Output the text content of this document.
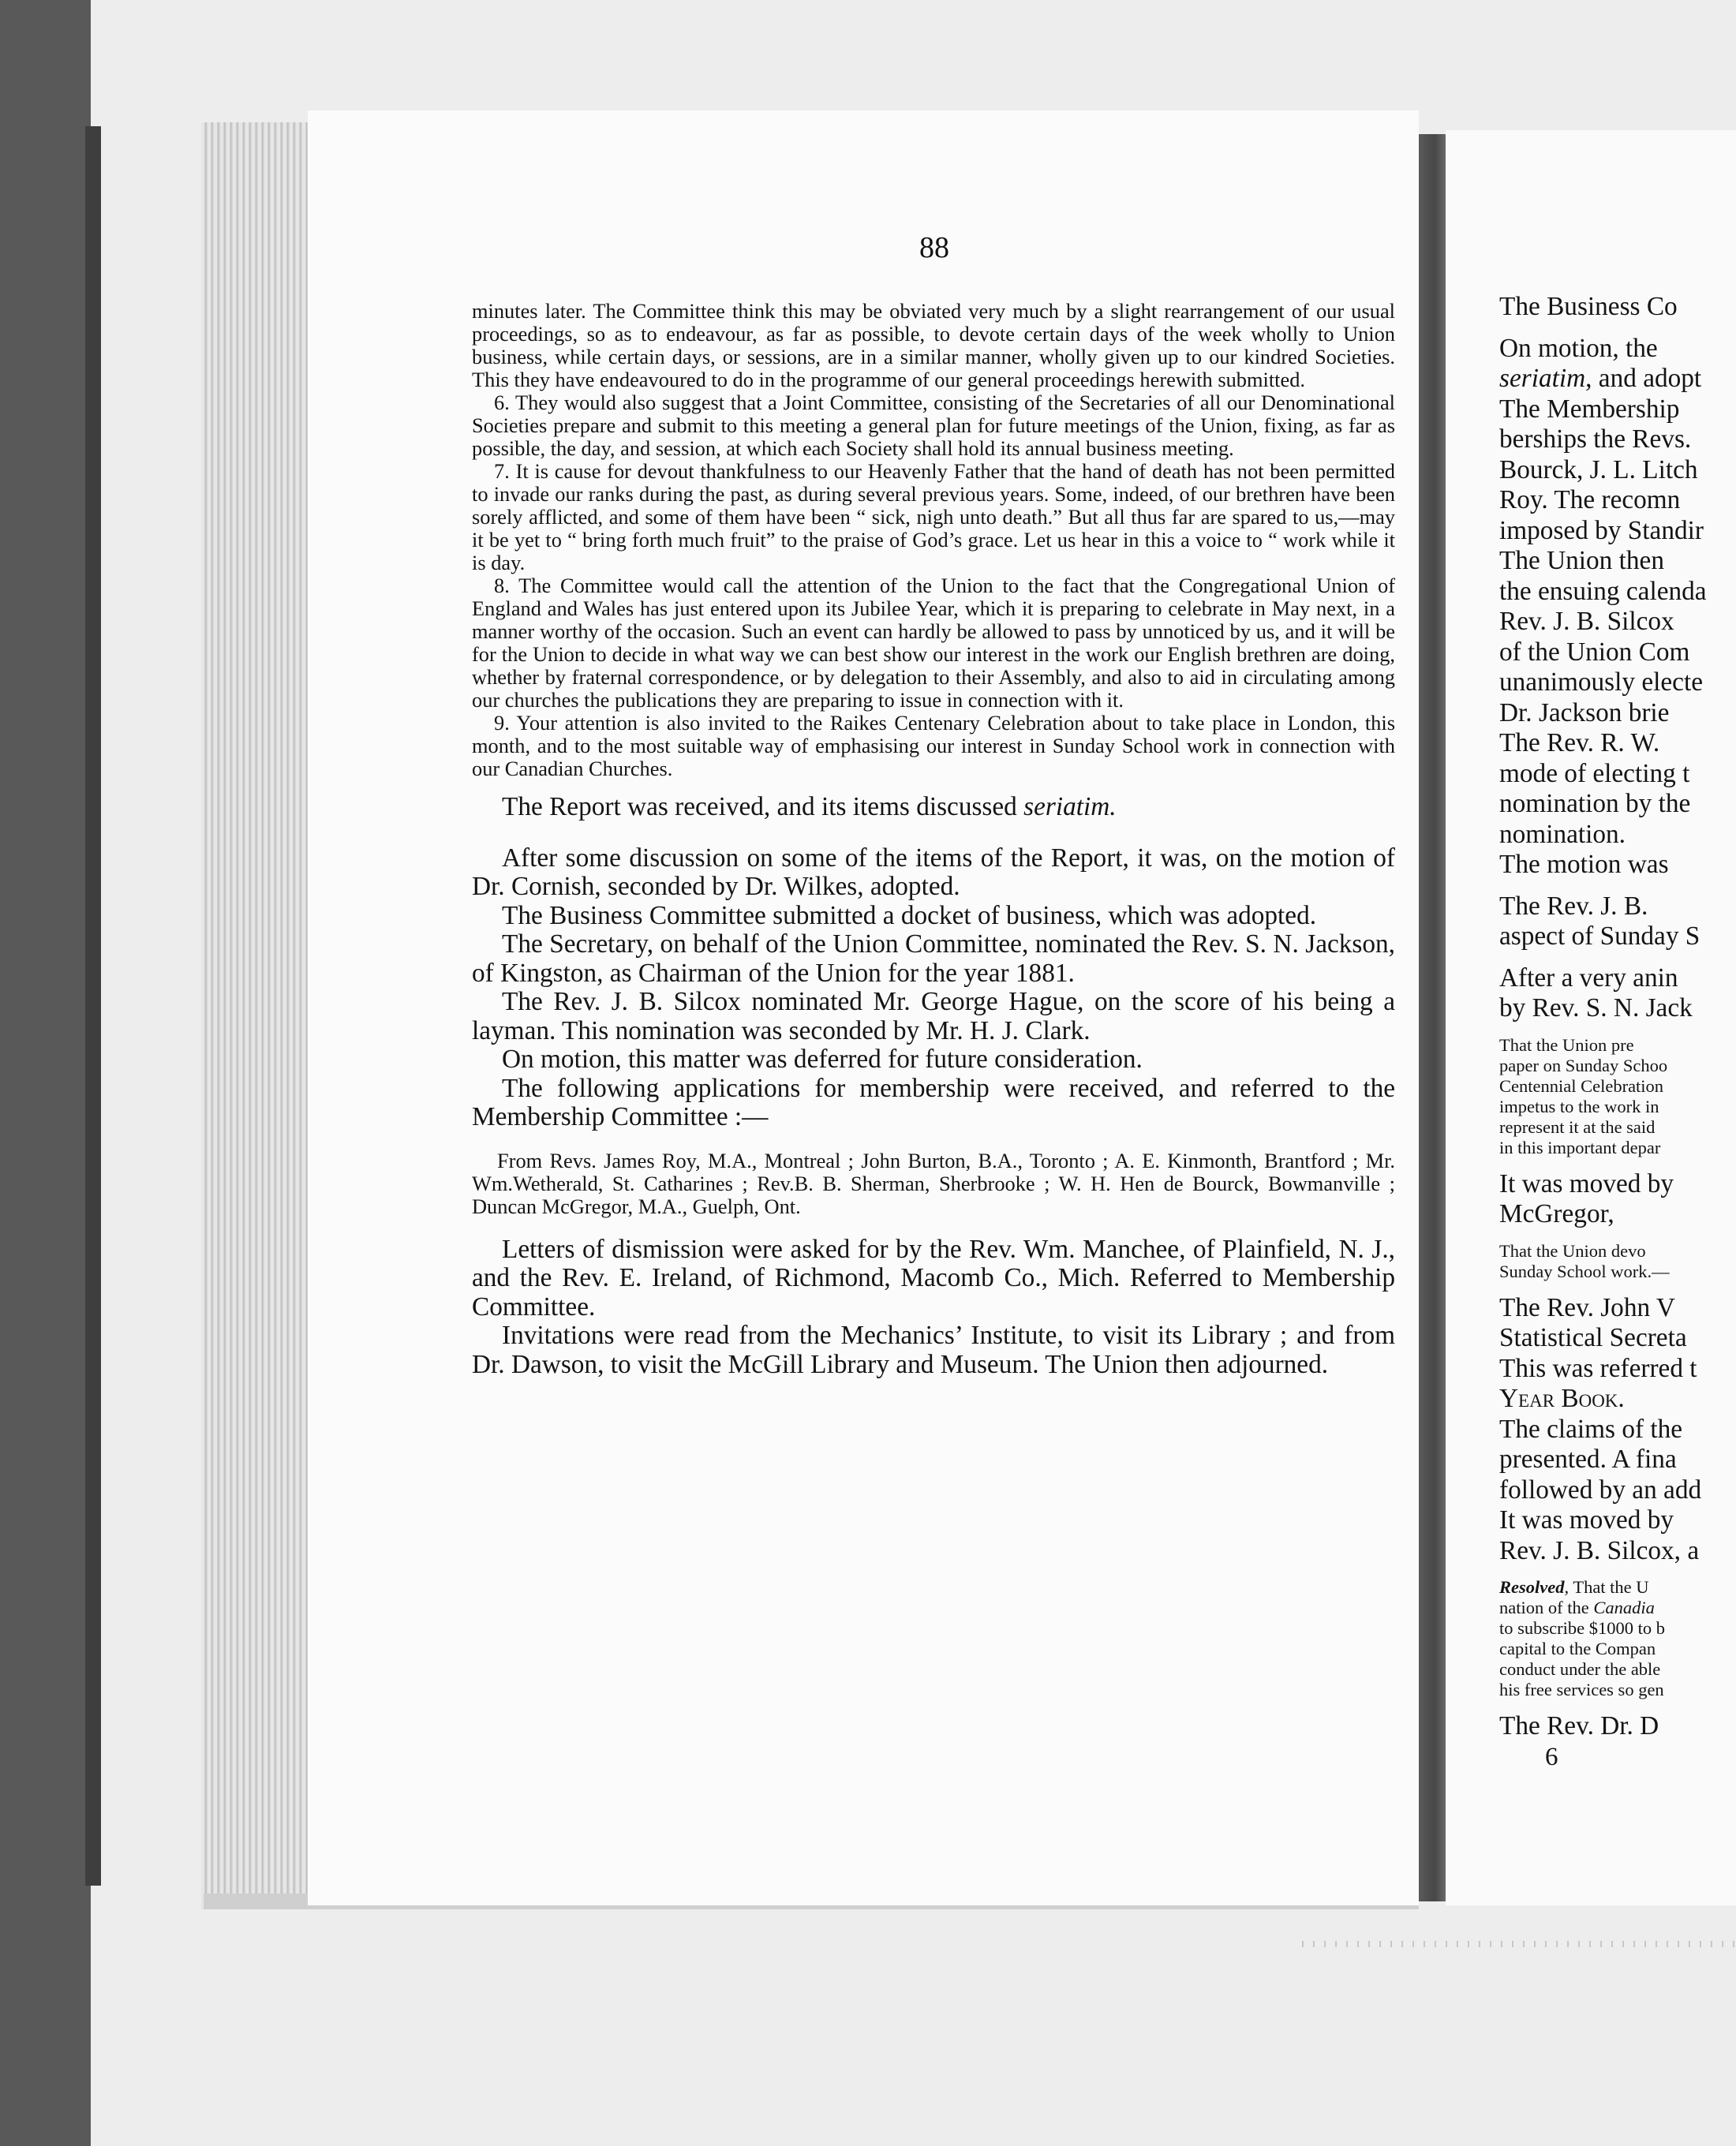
88

minutes later. The Committee think this may be obviated very much by a slight rearrangement of our usual proceedings, so as to endeavour, as far as possible, to devote certain days of the week wholly to Union business, while certain days, or sessions, are in a similar manner, wholly given up to our kindred Societies. This they have endeavoured to do in the programme of our general proceedings herewith submitted.

6. They would also suggest that a Joint Committee, consisting of the Secretaries of all our Denominational Societies prepare and submit to this meeting a general plan for future meetings of the Union, fixing, as far as possible, the day, and session, at which each Society shall hold its annual business meeting.

7. It is cause for devout thankfulness to our Heavenly Father that the hand of death has not been permitted to invade our ranks during the past, as during several previous years. Some, indeed, of our brethren have been sorely afflicted, and some of them have been “ sick, nigh unto death.” But all thus far are spared to us,—may it be yet to “ bring forth much fruit” to the praise of God’s grace. Let us hear in this a voice to “ work while it is day.

8. The Committee would call the attention of the Union to the fact that the Congregational Union of England and Wales has just entered upon its Jubilee Year, which it is preparing to celebrate in May next, in a manner worthy of the occasion. Such an event can hardly be allowed to pass by unnoticed by us, and it will be for the Union to decide in what way we can best show our interest in the work our English brethren are doing, whether by fraternal correspondence, or by delegation to their Assembly, and also to aid in circulating among our churches the publications they are preparing to issue in connection with it.

9. Your attention is also invited to the Raikes Centenary Celebration about to take place in London, this month, and to the most suitable way of emphasising our interest in Sunday School work in connection with our Canadian Churches.

The Report was received, and its items discussed seriatim.

After some discussion on some of the items of the Report, it was, on the motion of Dr. Cornish, seconded by Dr. Wilkes, adopted.

The Business Committee submitted a docket of business, which was adopted.

The Secretary, on behalf of the Union Committee, nominated the Rev. S. N. Jackson, of Kingston, as Chairman of the Union for the year 1881.

The Rev. J. B. Silcox nominated Mr. George Hague, on the score of his being a layman. This nomination was seconded by Mr. H. J. Clark.

On motion, this matter was deferred for future consideration.

The following applications for membership were received, and referred to the Membership Committee :—

From Revs. James Roy, M.A., Montreal ; John Burton, B.A., Toronto ; A. E. Kinmonth, Brantford ; Mr. Wm.Wetherald, St. Catharines ; Rev.B. B. Sherman, Sherbrooke ; W. H. Hen de Bourck, Bowmanville ; Duncan McGregor, M.A., Guelph, Ont.

Letters of dismission were asked for by the Rev. Wm. Manchee, of Plainfield, N. J., and the Rev. E. Ireland, of Richmond, Macomb Co., Mich. Referred to Membership Committee.

Invitations were read from the Mechanics’ Institute, to visit its Library ; and from Dr. Dawson, to visit the McGill Library and Museum. The Union then adjourned.

The Business Co

On motion, the

seriatim, and adopt

The Membership

berships the Revs.

Bourck, J. L. Litch

Roy. The recomn

imposed by Standir

The Union then

the ensuing calenda

Rev. J. B. Silcox

of the Union Com

unanimously electe

Dr. Jackson brie

The Rev. R. W.

mode of electing t

nomination by the

nomination.

The motion was

The Rev. J. B.

aspect of Sunday S

After a very anin

by Rev. S. N. Jack

That the Union pre

paper on Sunday Schoo

Centennial Celebration

impetus to the work in

represent it at the said

in this important depar

It was moved by

McGregor,

That the Union devo

Sunday School work.—

The Rev. John V

Statistical Secreta

This was referred t

Year Book.

The claims of the

presented. A fina

followed by an add

It was moved by

Rev. J. B. Silcox, a

Resolved, That the U

nation of the Canadia

to subscribe $1000 to b

capital to the Compan

conduct under the able

his free services so gen

The Rev. Dr. D

6
